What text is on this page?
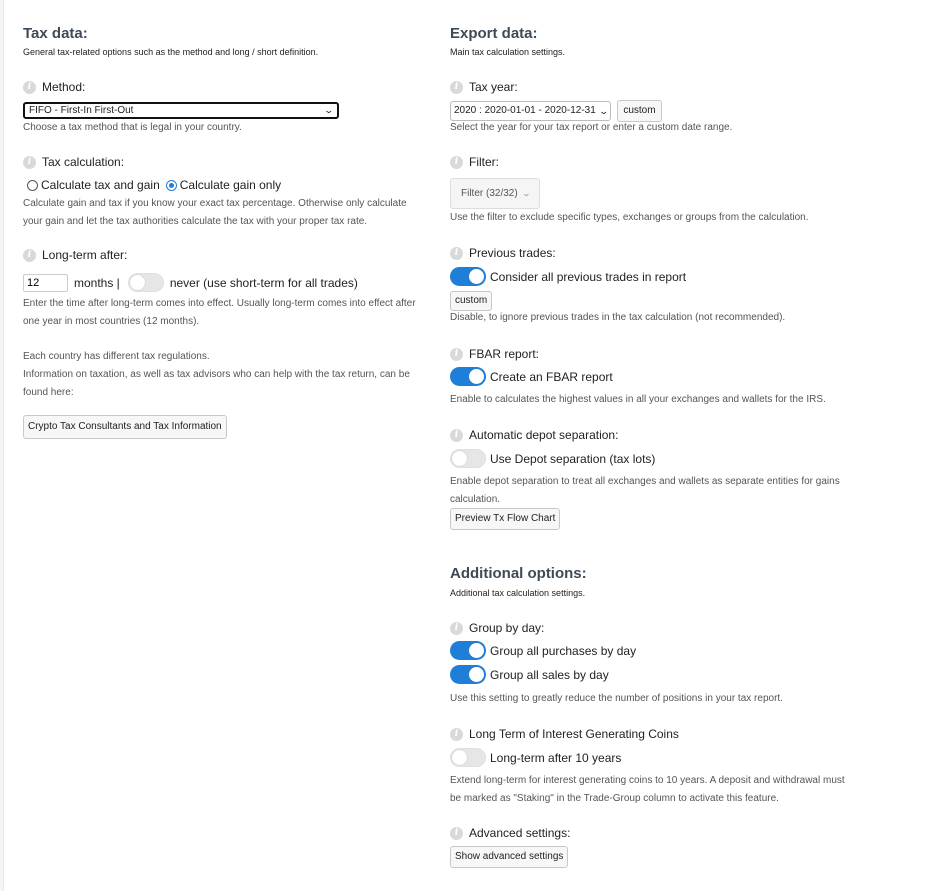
Tax data:
General tax-related options such as the method and long / short definition.
i Method:
FIFO - First-In First-Out	⌄
Choose a tax method that is legal in your country.
i Tax calculation:
Calculate tax and gain Calculate gain only
Calculate gain and tax if you know your exact tax percentage. Otherwise only calculate your gain and let the tax authorities calculate the tax with your proper tax rate.
i Long-term after:
12
months |	never (use short-term for all trades)
Enter the time after long-term comes into effect. Usually long-term comes into effect after one year in most countries (12 months).
Each country has different tax regulations.
Information on taxation, as well as tax advisors who can help with the tax return, can be found here:
Crypto Tax Consultants and Tax Information
Export data:
Main tax calculation settings.
i Tax year:
2020 : 2020-01-01 - 2020-12-31 ⌄	custom
Select the year for your tax report or enter a custom date range.
i Filter:
Filter (32/32) ⌄
Use the filter to exclude specific types, exchanges or groups from the calculation.
i Previous trades:
Consider all previous trades in report
custom
Disable, to ignore previous trades in the tax calculation (not recommended).
i FBAR report:
Create an FBAR report
Enable to calculates the highest values in all your exchanges and wallets for the IRS.
i Automatic depot separation:
Use Depot separation (tax lots)
Enable depot separation to treat all exchanges and wallets as separate entities for gains calculation.
Preview Tx Flow Chart
Additional options:
Additional tax calculation settings.
i Group by day:
Group all purchases by day
Group all sales by day
Use this setting to greatly reduce the number of positions in your tax report.
i Long Term of Interest Generating Coins
Long-term after 10 years
Extend long-term for interest generating coins to 10 years. A deposit and withdrawal must be marked as "Staking" in the Trade-Group column to activate this feature.
i Advanced settings:
Show advanced settings
